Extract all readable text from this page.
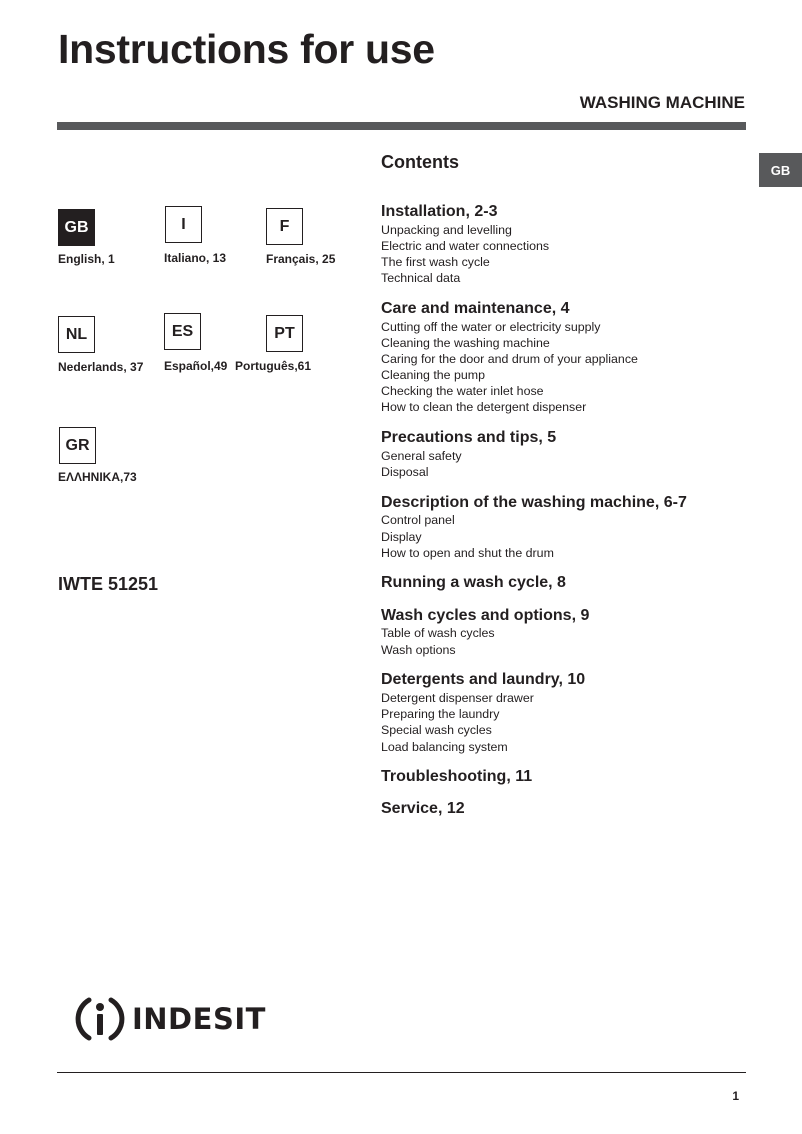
Instructions for use
WASHING MACHINE
GB
GB
English, 1
I
Italiano, 13
F
Français, 25
NL
Nederlands, 37
ES
Español,49
PT
Português,61
GR
ΕΛΛΗΝΙΚΑ,73
IWTE 51251
Contents
Installation, 2-3
Unpacking and levelling
Electric and water connections
The first wash cycle
Technical data
Care and maintenance, 4
Cutting off the water or electricity supply
Cleaning the washing machine
Caring for the door and drum of your appliance
Cleaning the pump
Checking the water inlet hose
How to clean the detergent dispenser
Precautions and tips, 5
General safety
Disposal
Description of the washing machine, 6-7
Control panel
Display
How to open and shut the drum
Running a wash cycle, 8
Wash cycles and options, 9
Table of wash cycles
Wash options
Detergents and laundry, 10
Detergent dispenser drawer
Preparing the laundry
Special wash cycles
Load balancing system
Troubleshooting, 11
Service, 12
INDESIT
1
